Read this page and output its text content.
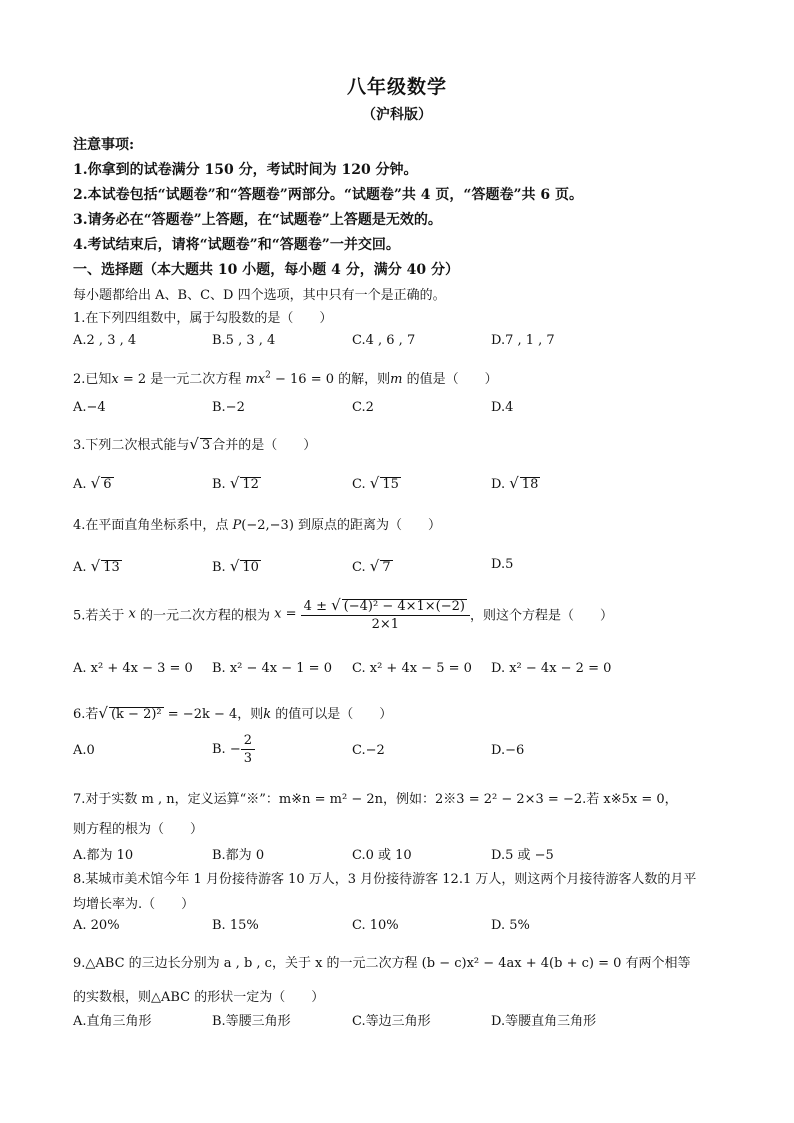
八年级数学
（沪科版）
注意事项:
1.你拿到的试卷满分 150 分，考试时间为 120 分钟。
2.本试卷包括“试题卷”和“答题卷”两部分。“试题卷”共 4 页，“答题卷”共 6 页。
3.请务必在“答题卷”上答题，在“试题卷”上答题是无效的。
4.考试结束后，请将“试题卷”和“答题卷”一并交回。
一、选择题（本大题共 10 小题，每小题 4 分，满分 40 分）
每小题都给出 A、B、C、D 四个选项，其中只有一个是正确的。
1.在下列四组数中，属于勾股数的是（　　）
A.2 , 3 , 4	B.5 , 3 , 4	C.4 , 6 , 7	D.7 , 1 , 7
2.已知x = 2 是一元二次方程 $mx^2 - 16 = 0$ 的解，则m 的值是（　　）
A.−4	B.−2	C.2	D.4
3.下列二次根式能与√ 3 合并的是（　　）
A. √ 6	B. √ 12	C. √ 15	D. √ 18
4.在平面直角坐标系中，点 P(−2,−3) 到原点的距离为（　　）
A. √ 13	B. √ 10	C. √ 7	D.5
5.若关于 x 的一元二次方程的根为 $x = \frac{\text{4 ± √ (−4)² − 4×1×(−2)}}{2\times 1}$ ，则这个方程是（　　）
A. x² + 4x − 3 = 0 B. x² − 4x − 1 = 0 C. x² + 4x − 5 = 0 D. x² − 4x − 2 = 0
6.若√ (k − 2)² = −2k − 4，则k 的值可以是（　　）
A.0	B. − $\frac{2}{3}$	C.−2	D.−6
7.对于实数 m , n，定义运算“※”：m※n = m² − 2n，例如：2※3 = 2² − 2×3 = −2.若 x※5x = 0，
则方程的根为（　　）
A.都为 10	B.都为 0	C.0 或 10	D.5 或 −5
8.某城市美术馆今年 1 月份接待游客 10 万人，3 月份接待游客 12.1 万人，则这两个月接待游客人数的月平
均增长率为.（　　）
A. 20%	B. 15%	C. 10%	D. 5%
9.△ABC 的三边长分别为 a , b , c，关于 x 的一元二次方程 (b − c)x² − 4ax + 4(b + c) = 0 有两个相等
的实数根，则△ABC 的形状一定为（　　）
A.直角三角形	B.等腰三角形	C.等边三角形	D.等腰直角三角形
